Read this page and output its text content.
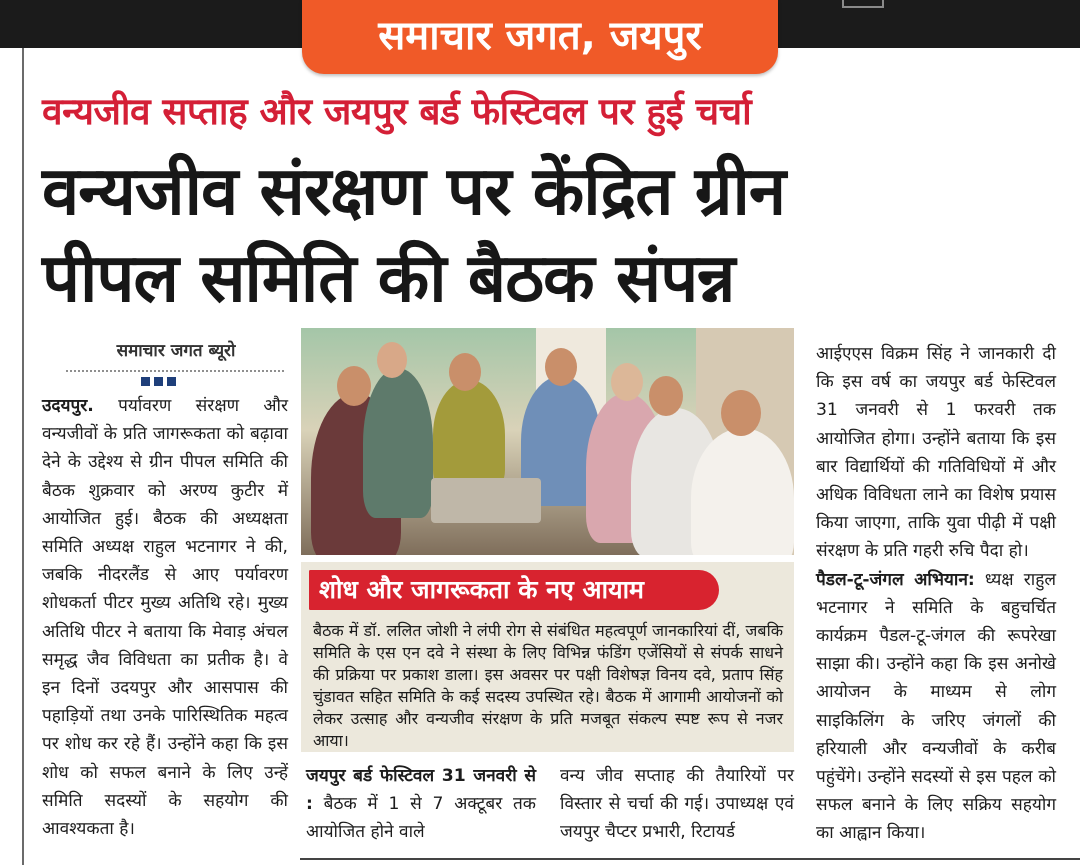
समाचार जगत, जयपुर
वन्यजीव सप्ताह और जयपुर बर्ड फेस्टिवल पर हुई चर्चा
वन्यजीव संरक्षण पर केंद्रित ग्रीन
पीपल समिति की बैठक संपन्न
समाचार जगत ब्यूरो
उदयपुर. पर्यावरण संरक्षण और वन्यजीवों के प्रति जागरूकता को बढ़ावा देने के उद्देश्य से ग्रीन पीपल समिति की बैठक शुक्रवार को अरण्य कुटीर में आयोजित हुई। बैठक की अध्यक्षता समिति अध्यक्ष राहुल भटनागर ने की, जबकि नीदरलैंड से आए पर्यावरण शोधकर्ता पीटर मुख्य अतिथि रहे। मुख्य अतिथि पीटर ने बताया कि मेवाड़ अंचल समृद्ध जैव विविधता का प्रतीक है। वे इन दिनों उदयपुर और आसपास की पहाड़ियों तथा उनके पारिस्थितिक महत्व पर शोध कर रहे हैं। उन्होंने कहा कि इस शोध को सफल बनाने के लिए उन्हें समिति सदस्यों के सहयोग की आवश्यकता है।
शोध और जागरूकता के नए आयाम
बैठक में डॉ. ललित जोशी ने लंपी रोग से संबंधित महत्वपूर्ण जानकारियां दीं, जबकि समिति के एस एन दवे ने संस्था के लिए विभिन्न फंडिंग एजेंसियों से संपर्क साधने की प्रक्रिया पर प्रकाश डाला। इस अवसर पर पक्षी विशेषज्ञ विनय दवे, प्रताप सिंह चुंडावत सहित समिति के कई सदस्य उपस्थित रहे। बैठक में आगामी आयोजनों को लेकर उत्साह और वन्यजीव संरक्षण के प्रति मजबूत संकल्प स्पष्ट रूप से नजर आया।
जयपुर बर्ड फेस्टिवल 31 जनवरी से : बैठक में 1 से 7 अक्टूबर तक आयोजित होने वाले
वन्य जीव सप्ताह की तैयारियों पर विस्तार से चर्चा की गई। उपाध्यक्ष एवं जयपुर चैप्टर प्रभारी, रिटायर्ड
आईएएस विक्रम सिंह ने जानकारी दी कि इस वर्ष का जयपुर बर्ड फेस्टिवल 31 जनवरी से 1 फरवरी तक आयोजित होगा। उन्होंने बताया कि इस बार विद्यार्थियों की गतिविधियों में और अधिक विविधता लाने का विशेष प्रयास किया जाएगा, ताकि युवा पीढ़ी में पक्षी संरक्षण के प्रति गहरी रुचि पैदा हो।
पैडल-टू-जंगल अभियान: ध्यक्ष राहुल भटनागर ने समिति के बहुचर्चित कार्यक्रम पैडल-टू-जंगल की रूपरेखा साझा की। उन्होंने कहा कि इस अनोखे आयोजन के माध्यम से लोग साइकिलिंग के जरिए जंगलों की हरियाली और वन्यजीवों के करीब पहुंचेंगे। उन्होंने सदस्यों से इस पहल को सफल बनाने के लिए सक्रिय सहयोग का आह्वान किया।
